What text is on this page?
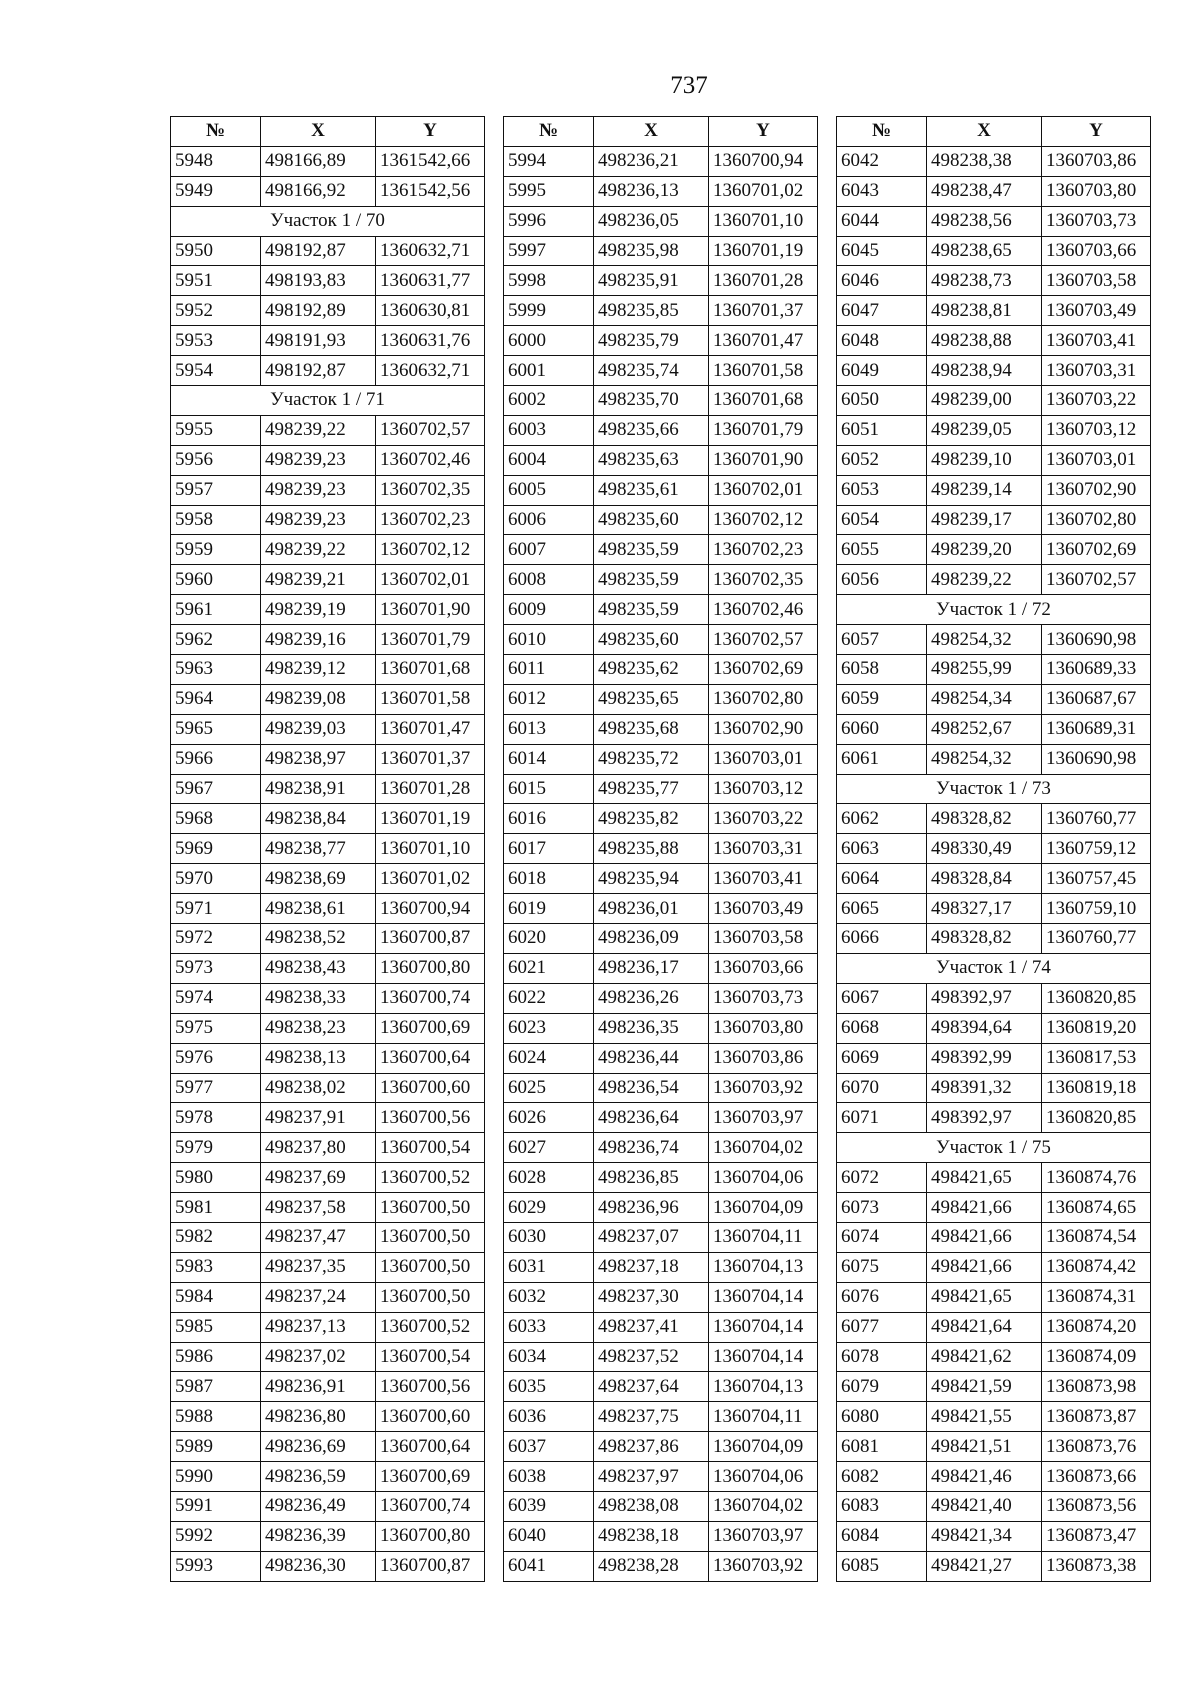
737
№	X	Y
5948	498166,89	1361542,66
5949	498166,92	1361542,56
Участок 1 / 70		
5950	498192,87	1360632,71
5951	498193,83	1360631,77
5952	498192,89	1360630,81
5953	498191,93	1360631,76
5954	498192,87	1360632,71
Участок 1 / 71		
5955	498239,22	1360702,57
5956	498239,23	1360702,46
5957	498239,23	1360702,35
5958	498239,23	1360702,23
5959	498239,22	1360702,12
5960	498239,21	1360702,01
5961	498239,19	1360701,90
5962	498239,16	1360701,79
5963	498239,12	1360701,68
5964	498239,08	1360701,58
5965	498239,03	1360701,47
5966	498238,97	1360701,37
5967	498238,91	1360701,28
5968	498238,84	1360701,19
5969	498238,77	1360701,10
5970	498238,69	1360701,02
5971	498238,61	1360700,94
5972	498238,52	1360700,87
5973	498238,43	1360700,80
5974	498238,33	1360700,74
5975	498238,23	1360700,69
5976	498238,13	1360700,64
5977	498238,02	1360700,60
5978	498237,91	1360700,56
5979	498237,80	1360700,54
5980	498237,69	1360700,52
5981	498237,58	1360700,50
5982	498237,47	1360700,50
5983	498237,35	1360700,50
5984	498237,24	1360700,50
5985	498237,13	1360700,52
5986	498237,02	1360700,54
5987	498236,91	1360700,56
5988	498236,80	1360700,60
5989	498236,69	1360700,64
5990	498236,59	1360700,69
5991	498236,49	1360700,74
5992	498236,39	1360700,80
5993	498236,30	1360700,87
№	X	Y
5994	498236,21	1360700,94
5995	498236,13	1360701,02
5996	498236,05	1360701,10
5997	498235,98	1360701,19
5998	498235,91	1360701,28
5999	498235,85	1360701,37
6000	498235,79	1360701,47
6001	498235,74	1360701,58
6002	498235,70	1360701,68
6003	498235,66	1360701,79
6004	498235,63	1360701,90
6005	498235,61	1360702,01
6006	498235,60	1360702,12
6007	498235,59	1360702,23
6008	498235,59	1360702,35
6009	498235,59	1360702,46
6010	498235,60	1360702,57
6011	498235,62	1360702,69
6012	498235,65	1360702,80
6013	498235,68	1360702,90
6014	498235,72	1360703,01
6015	498235,77	1360703,12
6016	498235,82	1360703,22
6017	498235,88	1360703,31
6018	498235,94	1360703,41
6019	498236,01	1360703,49
6020	498236,09	1360703,58
6021	498236,17	1360703,66
6022	498236,26	1360703,73
6023	498236,35	1360703,80
6024	498236,44	1360703,86
6025	498236,54	1360703,92
6026	498236,64	1360703,97
6027	498236,74	1360704,02
6028	498236,85	1360704,06
6029	498236,96	1360704,09
6030	498237,07	1360704,11
6031	498237,18	1360704,13
6032	498237,30	1360704,14
6033	498237,41	1360704,14
6034	498237,52	1360704,14
6035	498237,64	1360704,13
6036	498237,75	1360704,11
6037	498237,86	1360704,09
6038	498237,97	1360704,06
6039	498238,08	1360704,02
6040	498238,18	1360703,97
6041	498238,28	1360703,92
№	X	Y
6042	498238,38	1360703,86
6043	498238,47	1360703,80
6044	498238,56	1360703,73
6045	498238,65	1360703,66
6046	498238,73	1360703,58
6047	498238,81	1360703,49
6048	498238,88	1360703,41
6049	498238,94	1360703,31
6050	498239,00	1360703,22
6051	498239,05	1360703,12
6052	498239,10	1360703,01
6053	498239,14	1360702,90
6054	498239,17	1360702,80
6055	498239,20	1360702,69
6056	498239,22	1360702,57
Участок 1 / 72		
6057	498254,32	1360690,98
6058	498255,99	1360689,33
6059	498254,34	1360687,67
6060	498252,67	1360689,31
6061	498254,32	1360690,98
Участок 1 / 73		
6062	498328,82	1360760,77
6063	498330,49	1360759,12
6064	498328,84	1360757,45
6065	498327,17	1360759,10
6066	498328,82	1360760,77
Участок 1 / 74		
6067	498392,97	1360820,85
6068	498394,64	1360819,20
6069	498392,99	1360817,53
6070	498391,32	1360819,18
6071	498392,97	1360820,85
Участок 1 / 75		
6072	498421,65	1360874,76
6073	498421,66	1360874,65
6074	498421,66	1360874,54
6075	498421,66	1360874,42
6076	498421,65	1360874,31
6077	498421,64	1360874,20
6078	498421,62	1360874,09
6079	498421,59	1360873,98
6080	498421,55	1360873,87
6081	498421,51	1360873,76
6082	498421,46	1360873,66
6083	498421,40	1360873,56
6084	498421,34	1360873,47
6085	498421,27	1360873,38
